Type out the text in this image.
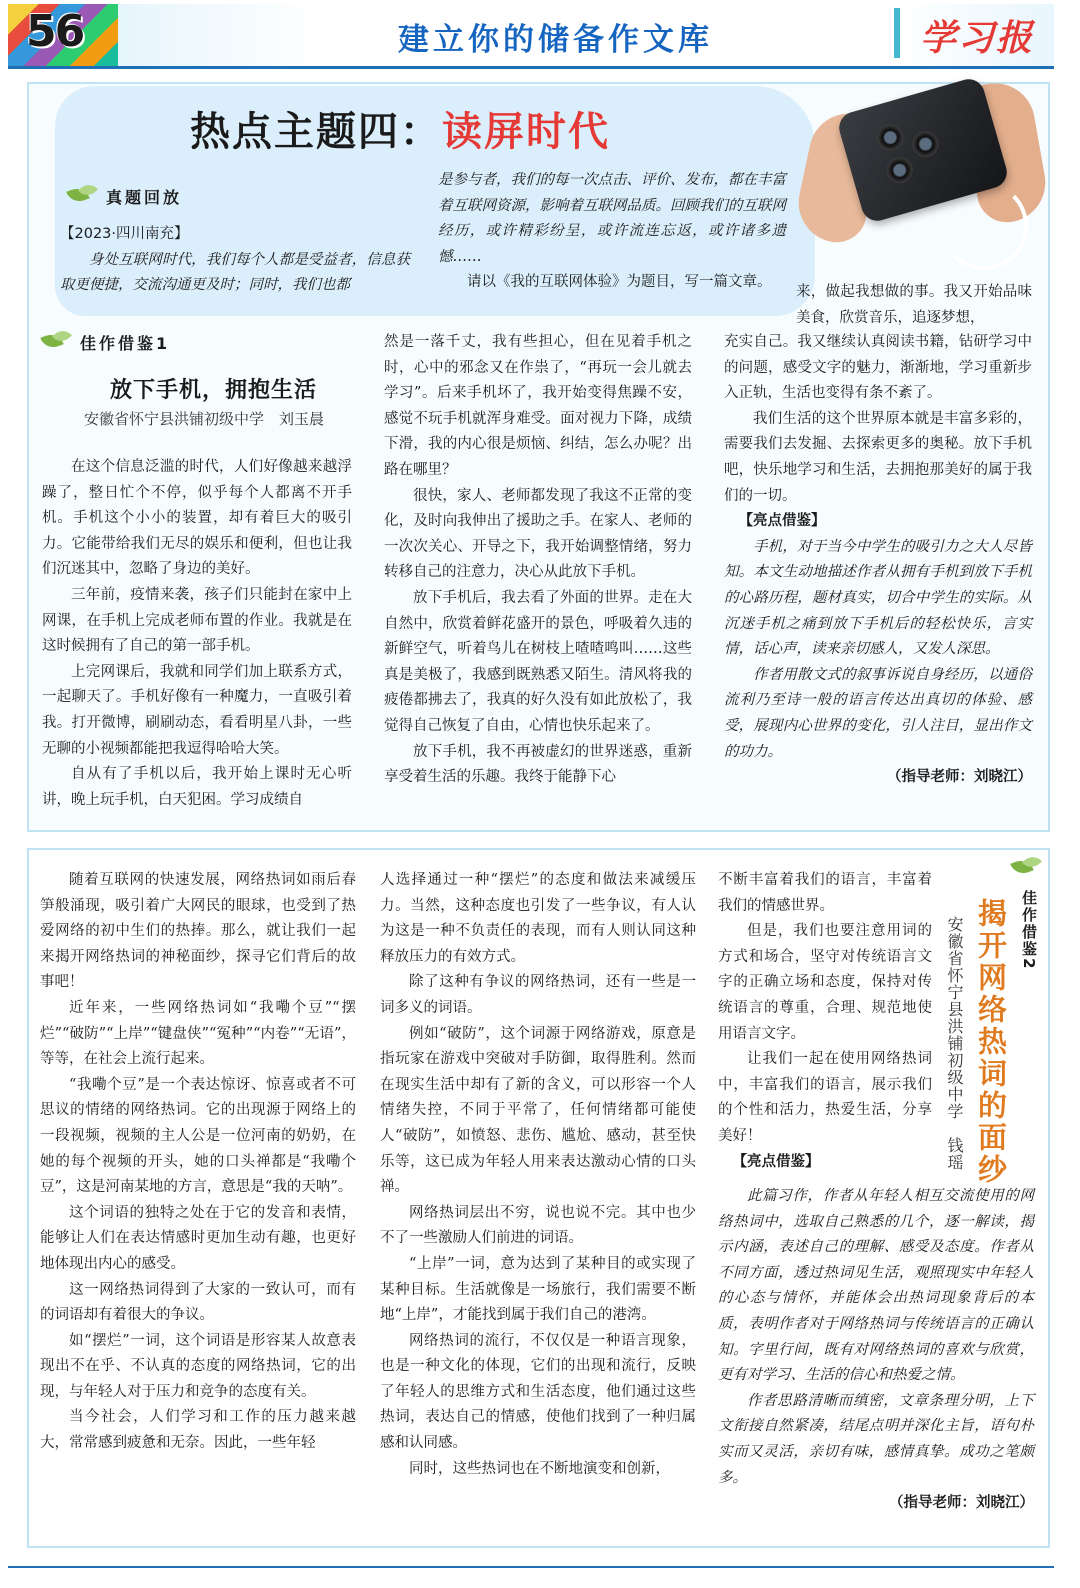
56	建立你的储备作文库	学习报
热点主题四：读屏时代
真题回放

【2023·四川南充】

身处互联网时代，我们每个人都是受益者，信息获取更便捷，交流沟通更及时；同时，我们也都

是参与者，我们的每一次点击、评价、发布，都在丰富着互联网资源，影响着互联网品质。回顾我们的互联网经历，或许精彩纷呈，或许流连忘返，或许诸多遗憾……

请以《我的互联网体验》为题目，写一篇文章。

佳作借鉴1
放下手机，拥抱生活
安徽省怀宁县洪铺初级中学　刘玉晨

在这个信息泛滥的时代，人们好像越来越浮躁了，整日忙个不停，似乎每个人都离不开手机。手机这个小小的装置，却有着巨大的吸引力。它能带给我们无尽的娱乐和便利，但也让我们沉迷其中，忽略了身边的美好。

三年前，疫情来袭，孩子们只能封在家中上网课，在手机上完成老师布置的作业。我就是在这时候拥有了自己的第一部手机。

上完网课后，我就和同学们加上联系方式，一起聊天了。手机好像有一种魔力，一直吸引着我。打开微博，刷刷动态，看看明星八卦，一些无聊的小视频都能把我逗得哈哈大笑。

自从有了手机以后，我开始上课时无心听讲，晚上玩手机，白天犯困。学习成绩自

然是一落千丈，我有些担心，但在见着手机之时，心中的邪念又在作祟了，“再玩一会儿就去学习”。后来手机坏了，我开始变得焦躁不安，感觉不玩手机就浑身难受。面对视力下降，成绩下滑，我的内心很是烦恼、纠结，怎么办呢？出路在哪里？

很快，家人、老师都发现了我这不正常的变化，及时向我伸出了援助之手。在家人、老师的一次次关心、开导之下，我开始调整情绪，努力转移自己的注意力，决心从此放下手机。

放下手机后，我去看了外面的世界。走在大自然中，欣赏着鲜花盛开的景色，呼吸着久违的新鲜空气，听着鸟儿在树枝上喳喳鸣叫……这些真是美极了，我感到既熟悉又陌生。清风将我的疲倦都拂去了，我真的好久没有如此放松了，我觉得自己恢复了自由，心情也快乐起来了。

放下手机，我不再被虚幻的世界迷惑，重新享受着生活的乐趣。我终于能静下心

来，做起我想做的事。我又开始品味美食，欣赏音乐，追逐梦想，

充实自己。我又继续认真阅读书籍，钻研学习中的问题，感受文字的魅力，渐渐地，学习重新步入正轨，生活也变得有条不紊了。

我们生活的这个世界原本就是丰富多彩的，需要我们去发掘、去探索更多的奥秘。放下手机吧，快乐地学习和生活，去拥抱那美好的属于我们的一切。

【亮点借鉴】

手机，对于当今中学生的吸引力之大人尽皆知。本文生动地描述作者从拥有手机到放下手机的心路历程，题材真实，切合中学生的实际。从沉迷手机之痛到放下手机后的轻松快乐，言实情，话心声，读来亲切感人，又发人深思。

作者用散文式的叙事诉说自身经历，以通俗流利乃至诗一般的语言传达出真切的体验、感受，展现内心世界的变化，引人注目，显出作文的功力。

（指导老师：刘晓江）

随着互联网的快速发展，网络热词如雨后春笋般涌现，吸引着广大网民的眼球，也受到了热爱网络的初中生们的热捧。那么，就让我们一起来揭开网络热词的神秘面纱，探寻它们背后的故事吧！

近年来，一些网络热词如“我嘞个豆”“摆烂”“破防”“上岸”“键盘侠”“冤种”“内卷”“无语”，等等，在社会上流行起来。

“我嘞个豆”是一个表达惊讶、惊喜或者不可思议的情绪的网络热词。它的出现源于网络上的一段视频，视频的主人公是一位河南的奶奶，在她的每个视频的开头，她的口头禅都是“我嘞个豆”，这是河南某地的方言，意思是“我的天呐”。

这个词语的独特之处在于它的发音和表情，能够让人们在表达情感时更加生动有趣，也更好地体现出内心的感受。

这一网络热词得到了大家的一致认可，而有的词语却有着很大的争议。

如“摆烂”一词，这个词语是形容某人故意表现出不在乎、不认真的态度的网络热词，它的出现，与年轻人对于压力和竞争的态度有关。

当今社会，人们学习和工作的压力越来越大，常常感到疲惫和无奈。因此，一些年轻

人选择通过一种“摆烂”的态度和做法来减缓压力。当然，这种态度也引发了一些争议，有人认为这是一种不负责任的表现，而有人则认同这种释放压力的有效方式。

除了这种有争议的网络热词，还有一些是一词多义的词语。

例如“破防”，这个词源于网络游戏，原意是指玩家在游戏中突破对手防御，取得胜利。然而在现实生活中却有了新的含义，可以形容一个人情绪失控，不同于平常了，任何情绪都可能使人“破防”，如愤怒、悲伤、尴尬、感动，甚至快乐等，这已成为年轻人用来表达激动心情的口头禅。

网络热词层出不穷，说也说不完。其中也少不了一些激励人们前进的词语。

“上岸”一词，意为达到了某种目的或实现了某种目标。生活就像是一场旅行，我们需要不断地“上岸”，才能找到属于我们自己的港湾。

网络热词的流行，不仅仅是一种语言现象，也是一种文化的体现，它们的出现和流行，反映了年轻人的思维方式和生活态度，他们通过这些热词，表达自己的情感，使他们找到了一种归属感和认同感。

同时，这些热词也在不断地演变和创新，

不断丰富着我们的语言，丰富着我们的情感世界。

但是，我们也要注意用词的方式和场合，坚守对传统语言文字的正确立场和态度，保持对传统语言的尊重，合理、规范地使用语言文字。

让我们一起在使用网络热词中，丰富我们的语言，展示我们的个性和活力，热爱生活，分享美好！

【亮点借鉴】

此篇习作，作者从年轻人相互交流使用的网络热词中，选取自己熟悉的几个，逐一解读，揭示内涵，表述自己的理解、感受及态度。作者从不同方面，透过热词见生活，观照现实中年轻人的心态与情怀，并能体会出热词现象背后的本质，表明作者对于网络热词与传统语言的正确认知。字里行间，既有对网络热词的喜欢与欣赏，更有对学习、生活的信心和热爱之情。

作者思路清晰而缜密，文章条理分明，上下文衔接自然紧凑，结尾点明并深化主旨，语句朴实而又灵活，亲切有味，感情真挚。成功之笔颇多。

（指导老师：刘晓江）

佳作借鉴2
揭开网络热词的面纱
安徽省怀宁县洪铺初级中学　钱瑶
